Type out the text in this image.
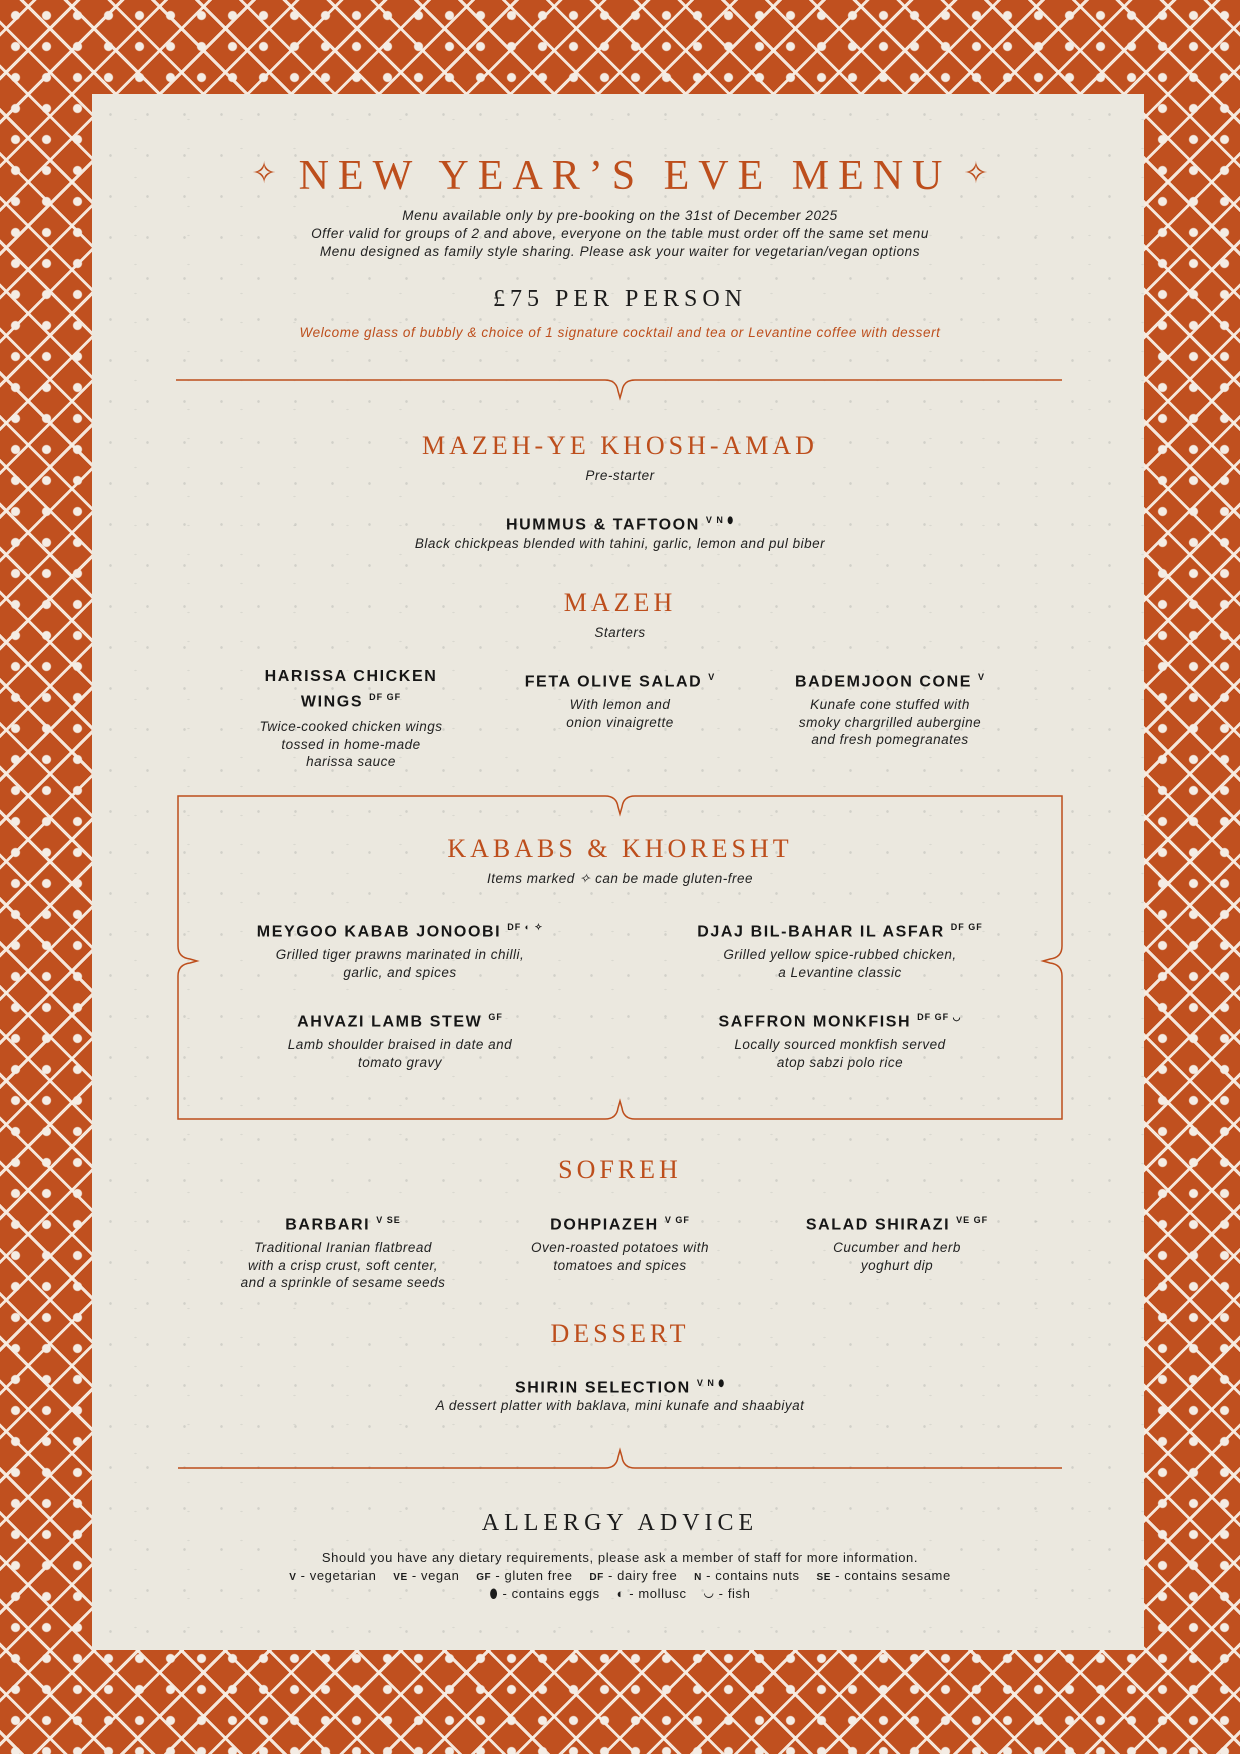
✧ NEW YEAR’S EVE MENU ✧
Menu available only by pre-booking on the 31st of December 2025
Offer valid for groups of 2 and above, everyone on the table must order off the same set menu
Menu designed as family style sharing. Please ask your waiter for vegetarian/vegan options
£75 PER PERSON
Welcome glass of bubbly & choice of 1 signature cocktail and tea or Levantine coffee with dessert
MAZEH-YE KHOSH-AMAD
Pre-starter
HUMMUS & TAFTOON $^{V N ⬮}$
Black chickpeas blended with tahini, garlic, lemon and pul biber
MAZEH
Starters
HARISSA CHICKEN
WINGS $^{DF GF}$
Twice-cooked chicken wings
tossed in home-made
harissa sauce
FETA OLIVE SALAD $^V$
With lemon and
onion vinaigrette
BADEMJOON CONE $^V$
Kunafe cone stuffed with
smoky chargrilled aubergine
and fresh pomegranates
KABABS & KHORESHT
Items marked ✧ can be made gluten-free
MEYGOO KABAB JONOOBI $^{DF ◐ ✧}$
Grilled tiger prawns marinated in chilli,
garlic, and spices
DJAJ BIL-BAHAR IL ASFAR $^{DF GF}$
Grilled yellow spice-rubbed chicken,
a Levantine classic
AHVAZI LAMB STEW $^{GF}$
Lamb shoulder braised in date and
tomato gravy
SAFFRON MONKFISH $^{DF GF ◡}$
Locally sourced monkfish served
atop sabzi polo rice
SOFREH
BARBARI $^{V SE}$
Traditional Iranian flatbread
with a crisp crust, soft center,
and a sprinkle of sesame seeds
DOHPIAZEH $^{V GF}$
Oven-roasted potatoes with
tomatoes and spices
SALAD SHIRAZI $^{VE GF}$
Cucumber and herb
yoghurt dip
DESSERT
SHIRIN SELECTION $^{V N ⬮}$
A dessert platter with baklava, mini kunafe and shaabiyat
ALLERGY ADVICE
Should you have any dietary requirements, please ask a member of staff for more information.
V - vegetarian VE - vegan GF - gluten free DF - dairy free N - contains nuts SE - contains sesame
⬮ - contains eggs ◐ - mollusc ◡ - fish
